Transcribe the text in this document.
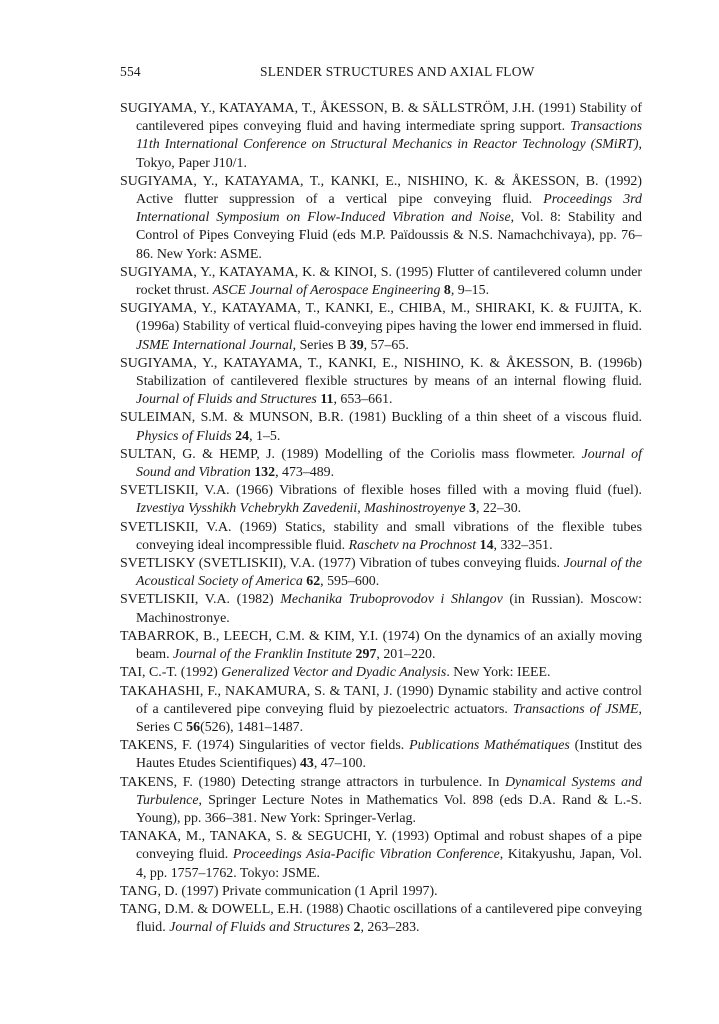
554	SLENDER STRUCTURES AND AXIAL FLOW

SUGIYAMA, Y., KATAYAMA, T., ÅKESSON, B. & SÄLLSTRÖM, J.H. (1991) Stability of cantilevered pipes conveying fluid and having intermediate spring support. Transactions 11th International Conference on Structural Mechanics in Reactor Technology (SMiRT), Tokyo, Paper J10/1.

SUGIYAMA, Y., KATAYAMA, T., KANKI, E., NISHINO, K. & ÅKESSON, B. (1992) Active flutter suppression of a vertical pipe conveying fluid. Proceedings 3rd International Symposium on Flow-Induced Vibration and Noise, Vol. 8: Stability and Control of Pipes Conveying Fluid (eds M.P. Païdoussis & N.S. Namachchivaya), pp. 76–86. New York: ASME.

SUGIYAMA, Y., KATAYAMA, K. & KINOI, S. (1995) Flutter of cantilevered column under rocket thrust. ASCE Journal of Aerospace Engineering 8, 9–15.

SUGIYAMA, Y., KATAYAMA, T., KANKI, E., CHIBA, M., SHIRAKI, K. & FUJITA, K. (1996a) Stability of vertical fluid-conveying pipes having the lower end immersed in fluid. JSME International Journal, Series B 39, 57–65.

SUGIYAMA, Y., KATAYAMA, T., KANKI, E., NISHINO, K. & ÅKESSON, B. (1996b) Stabilization of cantilevered flexible structures by means of an internal flowing fluid. Journal of Fluids and Structures 11, 653–661.

SULEIMAN, S.M. & MUNSON, B.R. (1981) Buckling of a thin sheet of a viscous fluid. Physics of Fluids 24, 1–5.

SULTAN, G. & HEMP, J. (1989) Modelling of the Coriolis mass flowmeter. Journal of Sound and Vibration 132, 473–489.

SVETLISKII, V.A. (1966) Vibrations of flexible hoses filled with a moving fluid (fuel). Izvestiya Vysshikh Vchebrykh Zavedenii, Mashinostroyenye 3, 22–30.

SVETLISKII, V.A. (1969) Statics, stability and small vibrations of the flexible tubes conveying ideal incompressible fluid. Raschetv na Prochnost 14, 332–351.

SVETLISKY (SVETLISKII), V.A. (1977) Vibration of tubes conveying fluids. Journal of the Acoustical Society of America 62, 595–600.

SVETLISKII, V.A. (1982) Mechanika Truboprovodov i Shlangov (in Russian). Moscow: Machinostronye.

TABARROK, B., LEECH, C.M. & KIM, Y.I. (1974) On the dynamics of an axially moving beam. Journal of the Franklin Institute 297, 201–220.

TAI, C.-T. (1992) Generalized Vector and Dyadic Analysis. New York: IEEE.

TAKAHASHI, F., NAKAMURA, S. & TANI, J. (1990) Dynamic stability and active control of a cantilevered pipe conveying fluid by piezoelectric actuators. Transactions of JSME, Series C 56(526), 1481–1487.

TAKENS, F. (1974) Singularities of vector fields. Publications Mathématiques (Institut des Hautes Etudes Scientifiques) 43, 47–100.

TAKENS, F. (1980) Detecting strange attractors in turbulence. In Dynamical Systems and Turbulence, Springer Lecture Notes in Mathematics Vol. 898 (eds D.A. Rand & L.-S. Young), pp. 366–381. New York: Springer-Verlag.

TANAKA, M., TANAKA, S. & SEGUCHI, Y. (1993) Optimal and robust shapes of a pipe conveying fluid. Proceedings Asia-Pacific Vibration Conference, Kitakyushu, Japan, Vol. 4, pp. 1757–1762. Tokyo: JSME.

TANG, D. (1997) Private communication (1 April 1997).

TANG, D.M. & DOWELL, E.H. (1988) Chaotic oscillations of a cantilevered pipe conveying fluid. Journal of Fluids and Structures 2, 263–283.
